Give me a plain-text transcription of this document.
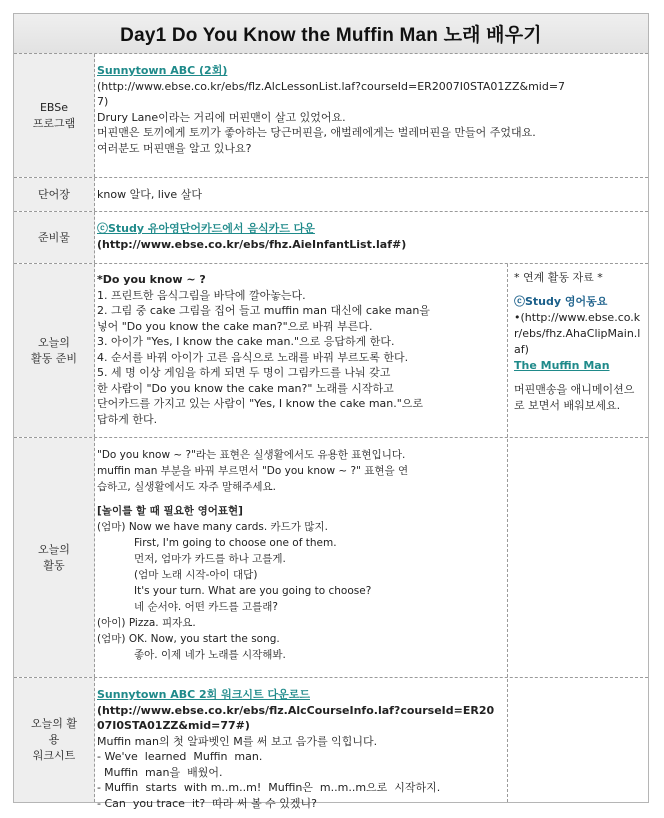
Day1 Do You Know the Muffin Man 노래 배우기
EBSe
프로그램
Sunnytown ABC (2회)
(http://www.ebse.co.kr/ebs/flz.AlcLessonList.laf?courseId=ER2007I0STA01ZZ&mid=7
7)
Drury Lane이라는 거리에 머핀맨이 살고 있었어요.
머핀맨은 토끼에게 토끼가 좋아하는 당근머핀을, 애벌레에게는 벌레머핀을 만들어 주었대요.
여러분도 머핀맨을 알고 있나요?
단어장 know 알다, live 살다
준비물
ⓒStudy 유아영단어카드에서 음식카드 다운
(http://www.ebse.co.kr/ebs/fhz.AieInfantList.laf#)
오늘의
활동 준비
*Do you know ~ ?
1. 프린트한 음식그림을 바닥에 깔아놓는다.
2. 그림 중 cake 그림을 집어 들고 muffin man 대신에 cake man을
넣어 "Do you know the cake man?"으로 바꿔 부른다.
3. 아이가 "Yes, I know the cake man."으로 응답하게 한다.
4. 순서를 바꿔 아이가 고른 음식으로 노래를 바꿔 부르도록 한다.
5. 세 명 이상 게임을 하게 되면 두 명이 그림카드를 나눠 갖고
한 사람이 "Do you know the cake man?" 노래를 시작하고
단어카드를 가지고 있는 사람이 "Yes, I know the cake man."으로
답하게 한다.
* 연계 활동 자료 *
ⓒStudy 영어동요
•(http://www.ebse.co.kr/ebs/fhz.AhaClipMain.laf)
The Muffin Man
머핀맨송을 애니메이션으로 보면서 배워보세요.
오늘의
활동
"Do you know ~ ?"라는 표현은 실생활에서도 유용한 표현입니다.
muffin man 부분을 바꿔 부르면서 "Do you know ~ ?" 표현을 연
습하고, 실생활에서도 자주 말해주세요.
[놀이를 할 때 필요한 영어표현]
(엄마) Now we have many cards. 카드가 많지.
First, I'm going to choose one of them.
먼저, 엄마가 카드를 하나 고를게.
(엄마 노래 시작-아이 대답)
It's your turn. What are you going to choose?
네 순서야. 어떤 카드를 고를래?
(아이) Pizza. 피자요.
(엄마) OK. Now, you start the song.
좋아. 이제 네가 노래를 시작해봐.
오늘의 활
용
워크시트
Sunnytown ABC 2회 워크시트 다운로드
(http://www.ebse.co.kr/ebs/flz.AlcCourseInfo.laf?courseId=ER20
07I0STA01ZZ&mid=77#)
Muffin man의 첫 알파벳인 M를 써 보고 음가를 익힙니다.
- We've  learned  Muffin  man.
Muffin  man을  배웠어.
- Muffin  starts  with m..m..m!  Muffin은  m..m..m으로  시작하지.
- Can  you trace  it?  따라 써 볼 수 있겠니?
